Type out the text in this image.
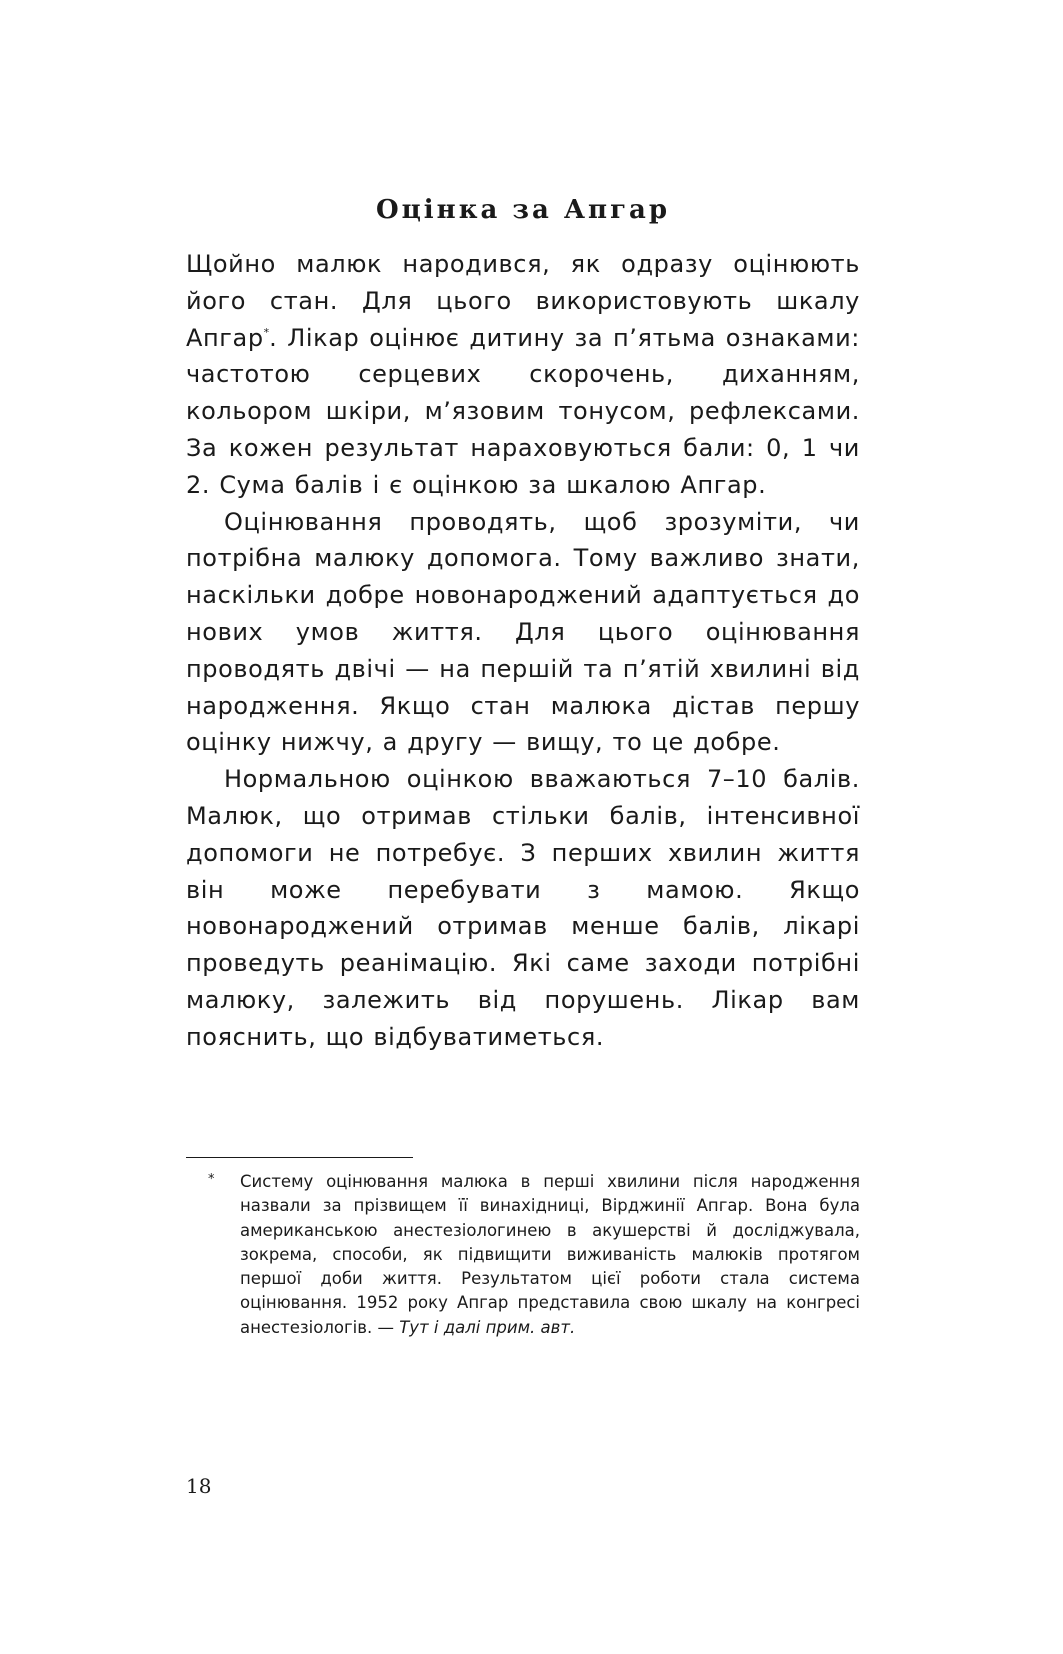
Оцінка за Апгар

Щойно малюк народився, як одразу оцінюють його стан. Для цього використовують шкалу Апгар*. Лікар оцінює дитину за п’ятьма ознаками: частотою серцевих скорочень, диханням, кольором шкіри, м’язовим тонусом, рефлексами. За кожен результат нараховуються бали: 0, 1 чи 2. Сума балів і є оцінкою за шкалою Апгар.

Оцінювання проводять, щоб зрозуміти, чи потрібна малюку допомога. Тому важливо знати, наскільки добре новонароджений адаптується до нових умов життя. Для цього оцінювання проводять двічі — на першій та п’ятій хвилині від народження. Якщо стан малюка дістав першу оцінку нижчу, а другу — вищу, то це добре.

Нормальною оцінкою вважаються 7–10 балів. Малюк, що отримав стільки балів, інтенсивної допомоги не потребує. З перших хвилин життя він може перебувати з мамою. Якщо новонароджений отримав менше балів, лікарі проведуть реанімацію. Які саме заходи потрібні малюку, залежить від порушень. Лікар вам пояснить, що відбуватиметься.

*	Систему оцінювання малюка в перші хвилини після народження назвали за прізвищем її винахідниці, Вірджинії Апгар. Вона була американською анестезіологинею в акушерстві й досліджувала, зокрема, способи, як підвищити виживаність малюків протягом першої доби життя. Результатом цієї роботи стала система оцінювання. 1952 року Апгар представила свою шкалу на конгресі анестезіологів. — Тут і далі прим. авт.

18
